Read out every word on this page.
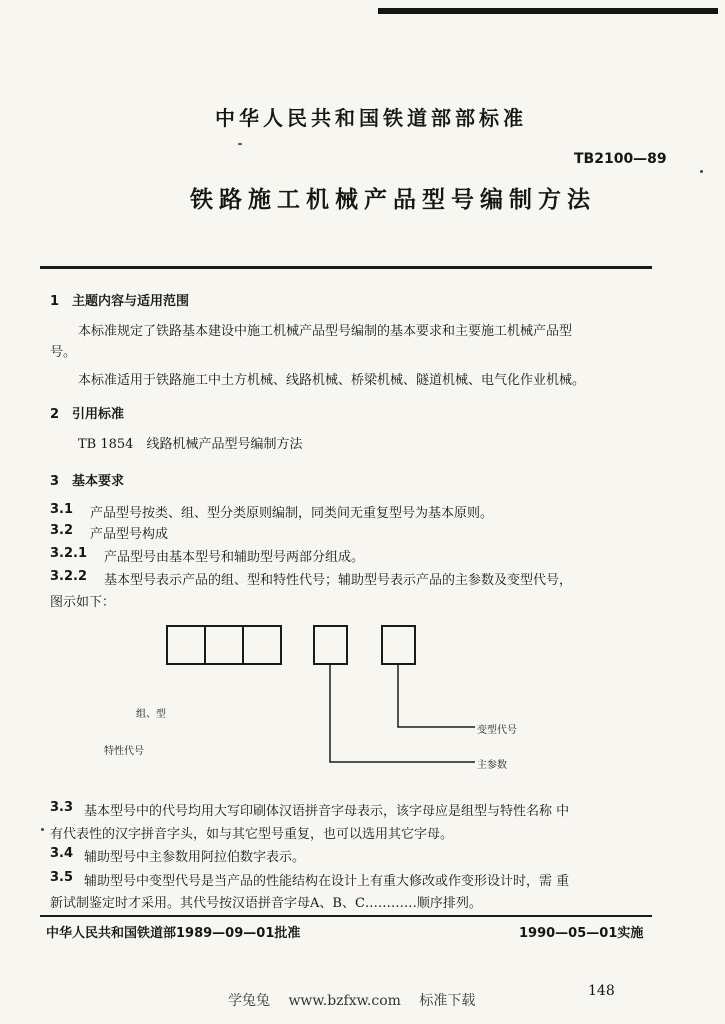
中华人民共和国铁道部部标准
TB2100—89
铁路施工机械产品型号编制方法
1　主题内容与适用范围
本标准规定了铁路基本建设中施工机械产品型号编制的基本要求和主要施工机械产品型
号。
本标准适用于铁路施工中土方机械、线路机械、桥梁机械、隧道机械、电气化作业机械。
2　引用标准
TB 1854　线路机械产品型号编制方法
3　基本要求
3.1 产品型号按类、组、型分类原则编制，同类间无重复型号为基本原则。
3.2 产品型号构成
3.2.1 产品型号由基本型号和辅助型号两部分组成。
3.2.2 基本型号表示产品的组、型和特性代号；辅助型号表示产品的主参数及变型代号，
图示如下：
组、型
特性代号
变型代号
主参数
3.3 基本型号中的代号均用大写印刷体汉语拼音字母表示，该字母应是组型与特性名称 中
有代表性的汉字拼音字头，如与其它型号重复，也可以选用其它字母。
3.4 辅助型号中主参数用阿拉伯数字表示。
3.5 辅助型号中变型代号是当产品的性能结构在设计上有重大修改或作变形设计时，需 重
新试制鉴定时才采用。其代号按汉语拼音字母A、B、C…………顺序排列。
中华人民共和国铁道部1989—09—01批准	1990—05—01实施
148
学兔兔　 www.bzfxw.com　 标准下载
